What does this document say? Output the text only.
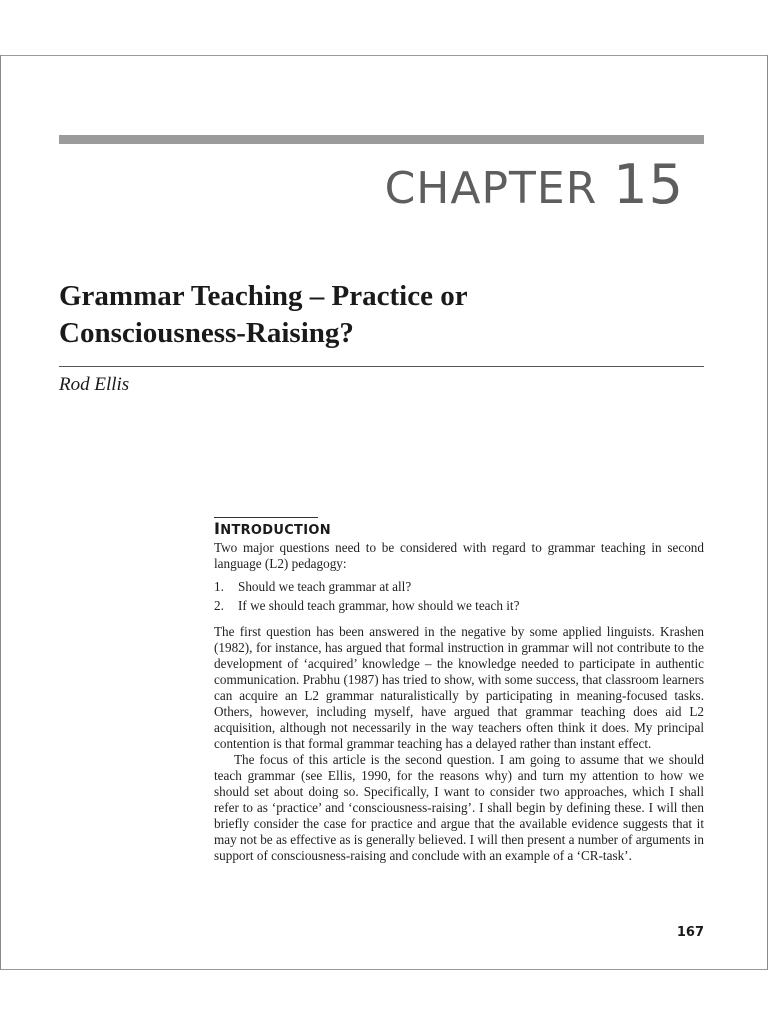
CHAPTER 15
Grammar Teaching – Practice or
Consciousness-Raising?

Rod Ellis

INTRODUCTION

Two major questions need to be considered with regard to grammar teaching in second language (L2) pedagogy:

1.	Should we teach grammar at all?
2.	If we should teach grammar, how should we teach it?

The first question has been answered in the negative by some applied linguists. Krashen (1982), for instance, has argued that formal instruction in grammar will not contribute to the development of ‘acquired’ knowledge – the knowledge needed to participate in authentic communication. Prabhu (1987) has tried to show, with some success, that classroom learners can acquire an L2 grammar naturalistically by participating in meaning-focused tasks. Others, however, including myself, have argued that grammar teaching does aid L2 acquisition, although not necessarily in the way teachers often think it does. My principal contention is that formal grammar teaching has a delayed rather than instant effect.

The focus of this article is the second question. I am going to assume that we should teach grammar (see Ellis, 1990, for the reasons why) and turn my attention to how we should set about doing so. Specifically, I want to consider two approaches, which I shall refer to as ‘practice’ and ‘consciousness-raising’. I shall begin by defining these. I will then briefly consider the case for practice and argue that the available evidence suggests that it may not be as effective as is generally believed. I will then present a number of arguments in support of consciousness-raising and conclude with an example of a ‘CR-task’.

167
